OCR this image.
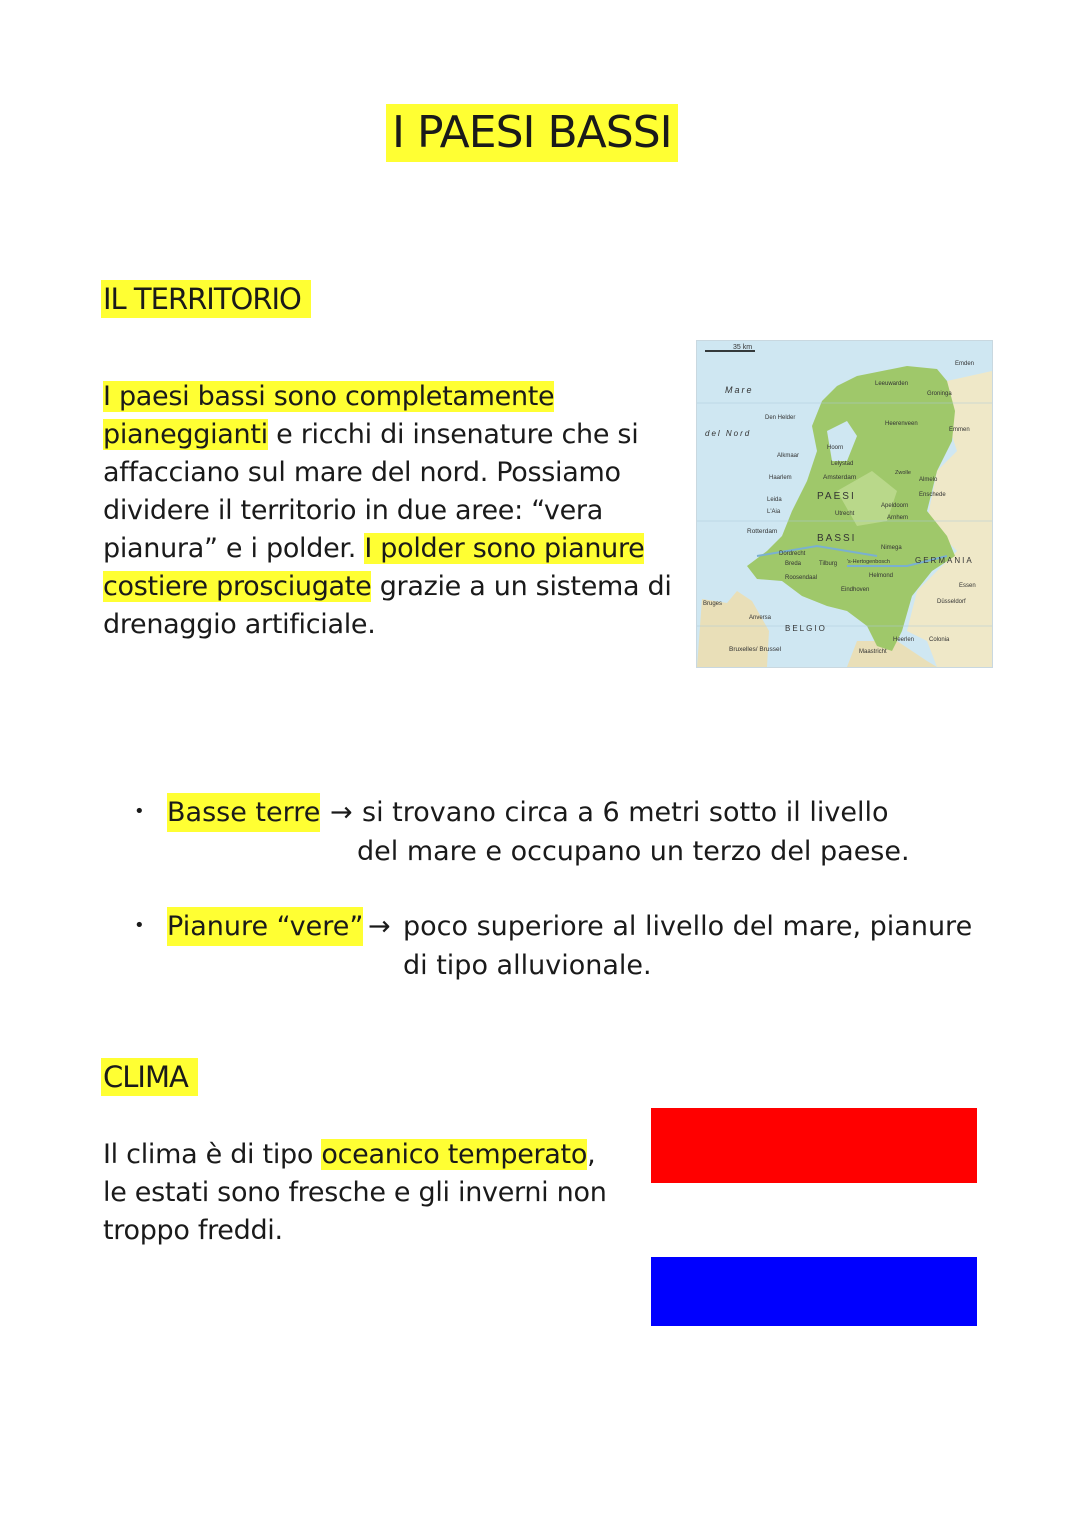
I PAESI BASSI
IL TERRITORIO
I paesi bassi sono completamente
pianeggianti e ricchi di insenature che si
affacciano sul mare del nord. Possiamo
dividere il territorio in due aree: “vera
pianura” e i polder. I polder sono pianure
costiere prosciugate grazie a un sistema di
drenaggio artificiale.
35 km
Mare
del Nord
PAESI
BASSI
BELGIO
GERMANIA
Den Helder
Leeuwarden
Groninga
Emden
Alkmaar
Hoorn
Heerenveen
Emmen
Haarlem
Lelystad
Amsterdam	Almelo
Enschede
Leida
L'Aia	Utrecht
Apeldoorn
Arnhem
Rotterdam
Dordrecht
Nimega
Breda	Tilburg 's-Hertogenbosch
Roosendaal	Helmond
Eindhoven
Essen
Düsseldorf
Bruges
Anversa
Bruxelles/ Brussel
Heerlen
Maastricht
Colonia
Zwolle
• Basse terre → si trovano circa a 6 metri sotto il livello
del mare e occupano un terzo del paese.
• Pianure “vere” → poco superiore al livello del mare, pianure
di tipo alluvionale.
CLIMA
Il clima è di tipo oceanico temperato,
le estati sono fresche e gli inverni non
troppo freddi.
